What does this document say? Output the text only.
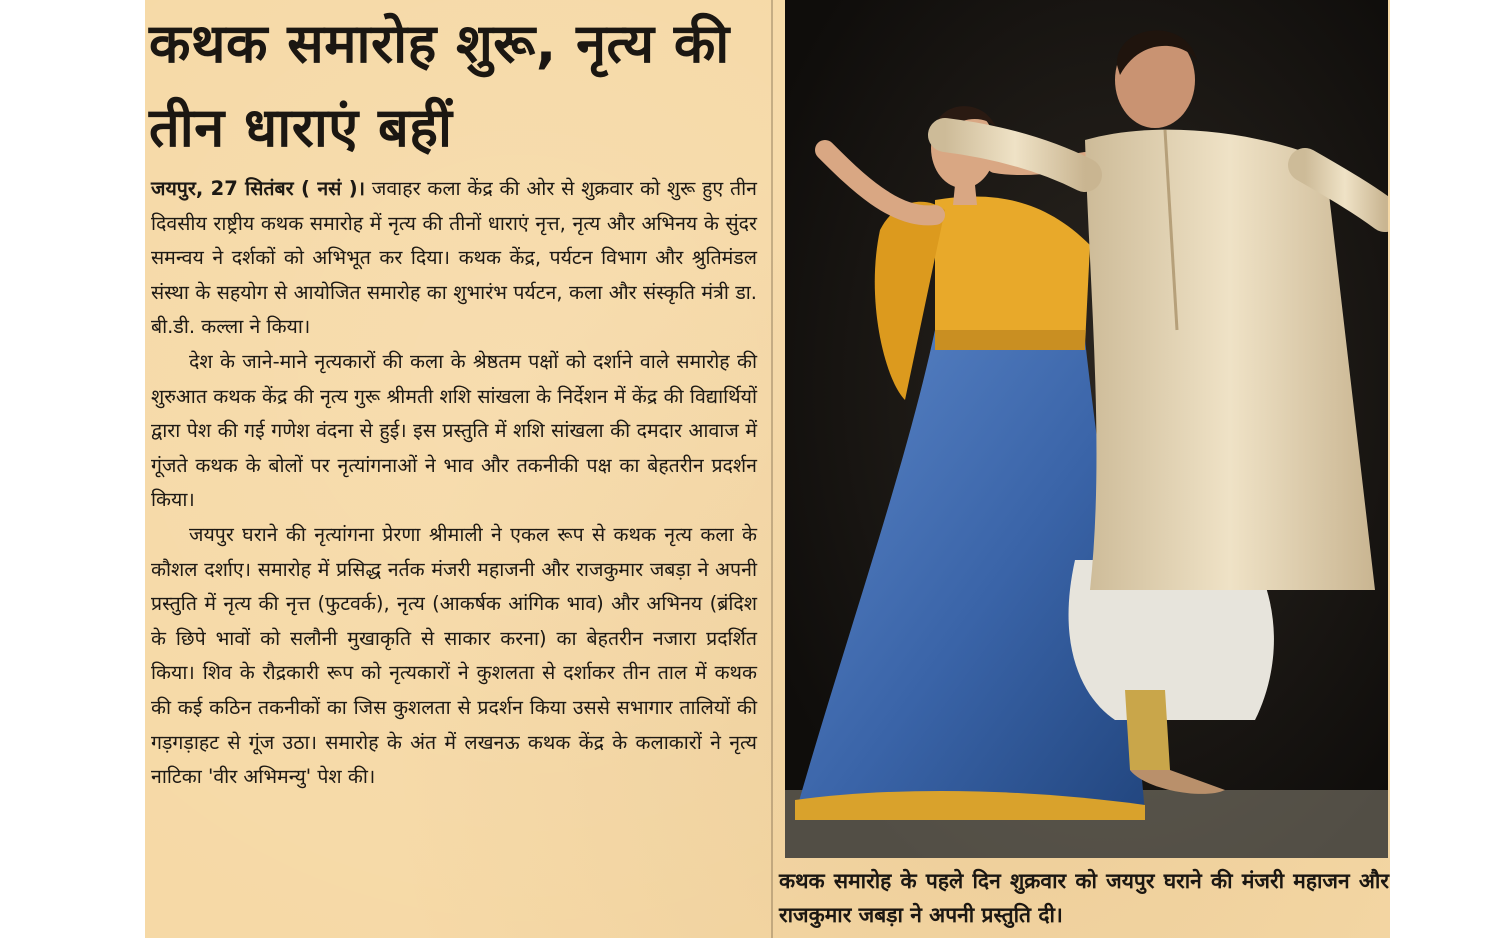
कथक समारोह शुरू, नृत्य की तीन धाराएं बहीं

जयपुर, 27 सितंबर ( नसं )। जवाहर कला केंद्र की ओर से शुक्रवार को शुरू हुए तीन दिवसीय राष्ट्रीय कथक समारोह में नृत्य की तीनों धाराएं नृत्त, नृत्य और अभिनय के सुंदर समन्वय ने दर्शकों को अभिभूत कर दिया। कथक केंद्र, पर्यटन विभाग और श्रुतिमंडल संस्था के सहयोग से आयोजित समारोह का शुभारंभ पर्यटन, कला और संस्कृति मंत्री डा. बी.डी. कल्ला ने किया।

देश के जाने-माने नृत्यकारों की कला के श्रेष्ठतम पक्षों को दर्शाने वाले समारोह की शुरुआत कथक केंद्र की नृत्य गुरू श्रीमती शशि सांखला के निर्देशन में केंद्र की विद्यार्थियों द्वारा पेश की गई गणेश वंदना से हुई। इस प्रस्तुति में शशि सांखला की दमदार आवाज में गूंजते कथक के बोलों पर नृत्यांगनाओं ने भाव और तकनीकी पक्ष का बेहतरीन प्रदर्शन किया।

जयपुर घराने की नृत्यांगना प्रेरणा श्रीमाली ने एकल रूप से कथक नृत्य कला के कौशल दर्शाए। समारोह में प्रसिद्ध नर्तक मंजरी महाजनी और राजकुमार जबड़ा ने अपनी प्रस्तुति में नृत्य की नृत्त (फुटवर्क), नृत्य (आकर्षक आंगिक भाव) और अभिनय (ब्रंदिश के छिपे भावों को सलौनी मुखाकृति से साकार करना) का बेहतरीन नजारा प्रदर्शित किया। शिव के रौद्रकारी रूप को नृत्यकारों ने कुशलता से दर्शाकर तीन ताल में कथक की कई कठिन तकनीकों का जिस कुशलता से प्रदर्शन किया उससे सभागार तालियों की गड़गड़ाहट से गूंज उठा। समारोह के अंत में लखनऊ कथक केंद्र के कलाकारों ने नृत्य नाटिका 'वीर अभिमन्यु' पेश की।

कथक समारोह के पहले दिन शुक्रवार को जयपुर घराने की मंजरी महाजन और राजकुमार जबड़ा ने अपनी प्रस्तुति दी।
